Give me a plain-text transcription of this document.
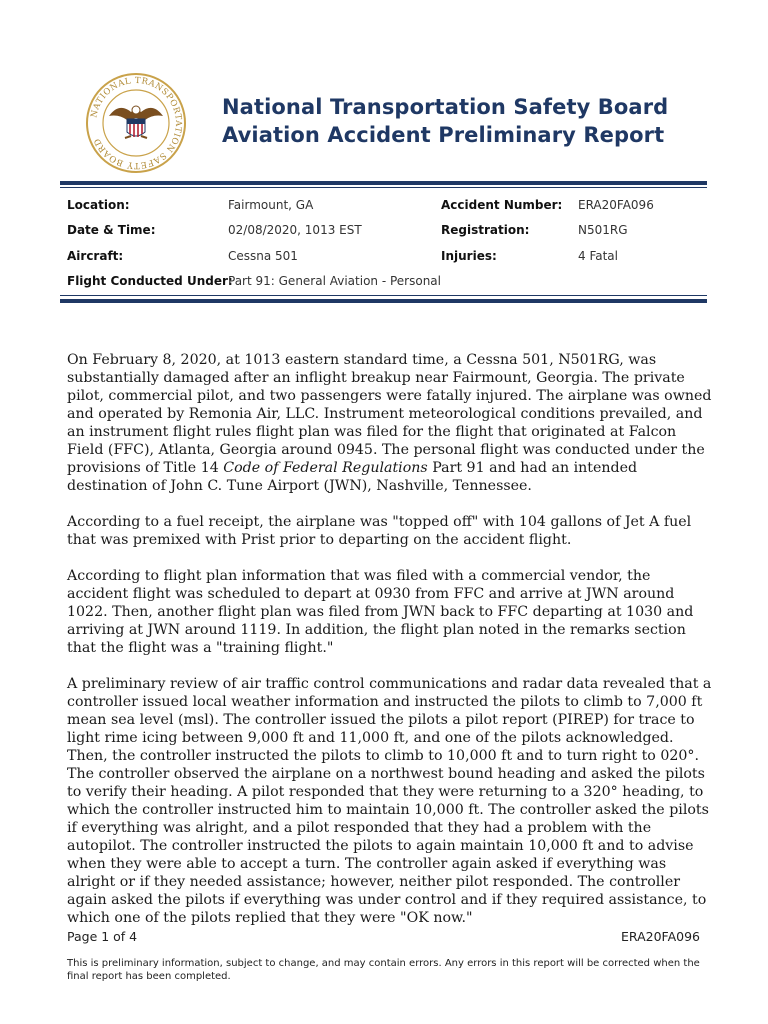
NATIONAL TRANSPORTATION SAFETY BOARD
National Transportation Safety Board
Aviation Accident Preliminary Report
Location:	Fairmount, GA	Accident Number: ERA20FA096
Date & Time:	02/08/2020, 1013 EST	Registration:	N501RG
Aircraft:	Cessna 501	Injuries:	4 Fatal
Flight Conducted Under:
Part 91: General Aviation - Personal

On February 8, 2020, at 1013 eastern standard time, a Cessna 501, N501RG, was substantially damaged after an inflight breakup near Fairmount, Georgia. The private pilot, commercial pilot, and two passengers were fatally injured. The airplane was owned and operated by Remonia Air, LLC. Instrument meteorological conditions prevailed, and an instrument flight rules flight plan was filed for the flight that originated at Falcon Field (FFC), Atlanta, Georgia around 0945. The personal flight was conducted under the provisions of Title 14 Code of Federal Regulations Part 91 and had an intended destination of John C. Tune Airport (JWN), Nashville, Tennessee.

According to a fuel receipt, the airplane was "topped off" with 104 gallons of Jet A fuel that was premixed with Prist prior to departing on the accident flight.

According to flight plan information that was filed with a commercial vendor, the accident flight was scheduled to depart at 0930 from FFC and arrive at JWN around 1022. Then, another flight plan was filed from JWN back to FFC departing at 1030 and arriving at JWN around 1119. In addition, the flight plan noted in the remarks section that the flight was a "training flight."

A preliminary review of air traffic control communications and radar data revealed that a controller issued local weather information and instructed the pilots to climb to 7,000 ft mean sea level (msl). The controller issued the pilots a pilot report (PIREP) for trace to light rime icing between 9,000 ft and 11,000 ft, and one of the pilots acknowledged. Then, the controller instructed the pilots to climb to 10,000 ft and to turn right to 020°. The controller observed the airplane on a northwest bound heading and asked the pilots to verify their heading. A pilot responded that they were returning to a 320° heading, to which the controller instructed him to maintain 10,000 ft. The controller asked the pilots if everything was alright, and a pilot responded that they had a problem with the autopilot. The controller instructed the pilots to again maintain 10,000 ft and to advise when they were able to accept a turn. The controller again asked if everything was alright or if they needed assistance; however, neither pilot responded. The controller again asked the pilots if everything was under control and if they required assistance, to which one of the pilots replied that they were "OK now."

Page 1 of 4	ERA20FA096
This is preliminary information, subject to change, and may contain errors. Any errors in this report will be corrected when the final report has been completed.
